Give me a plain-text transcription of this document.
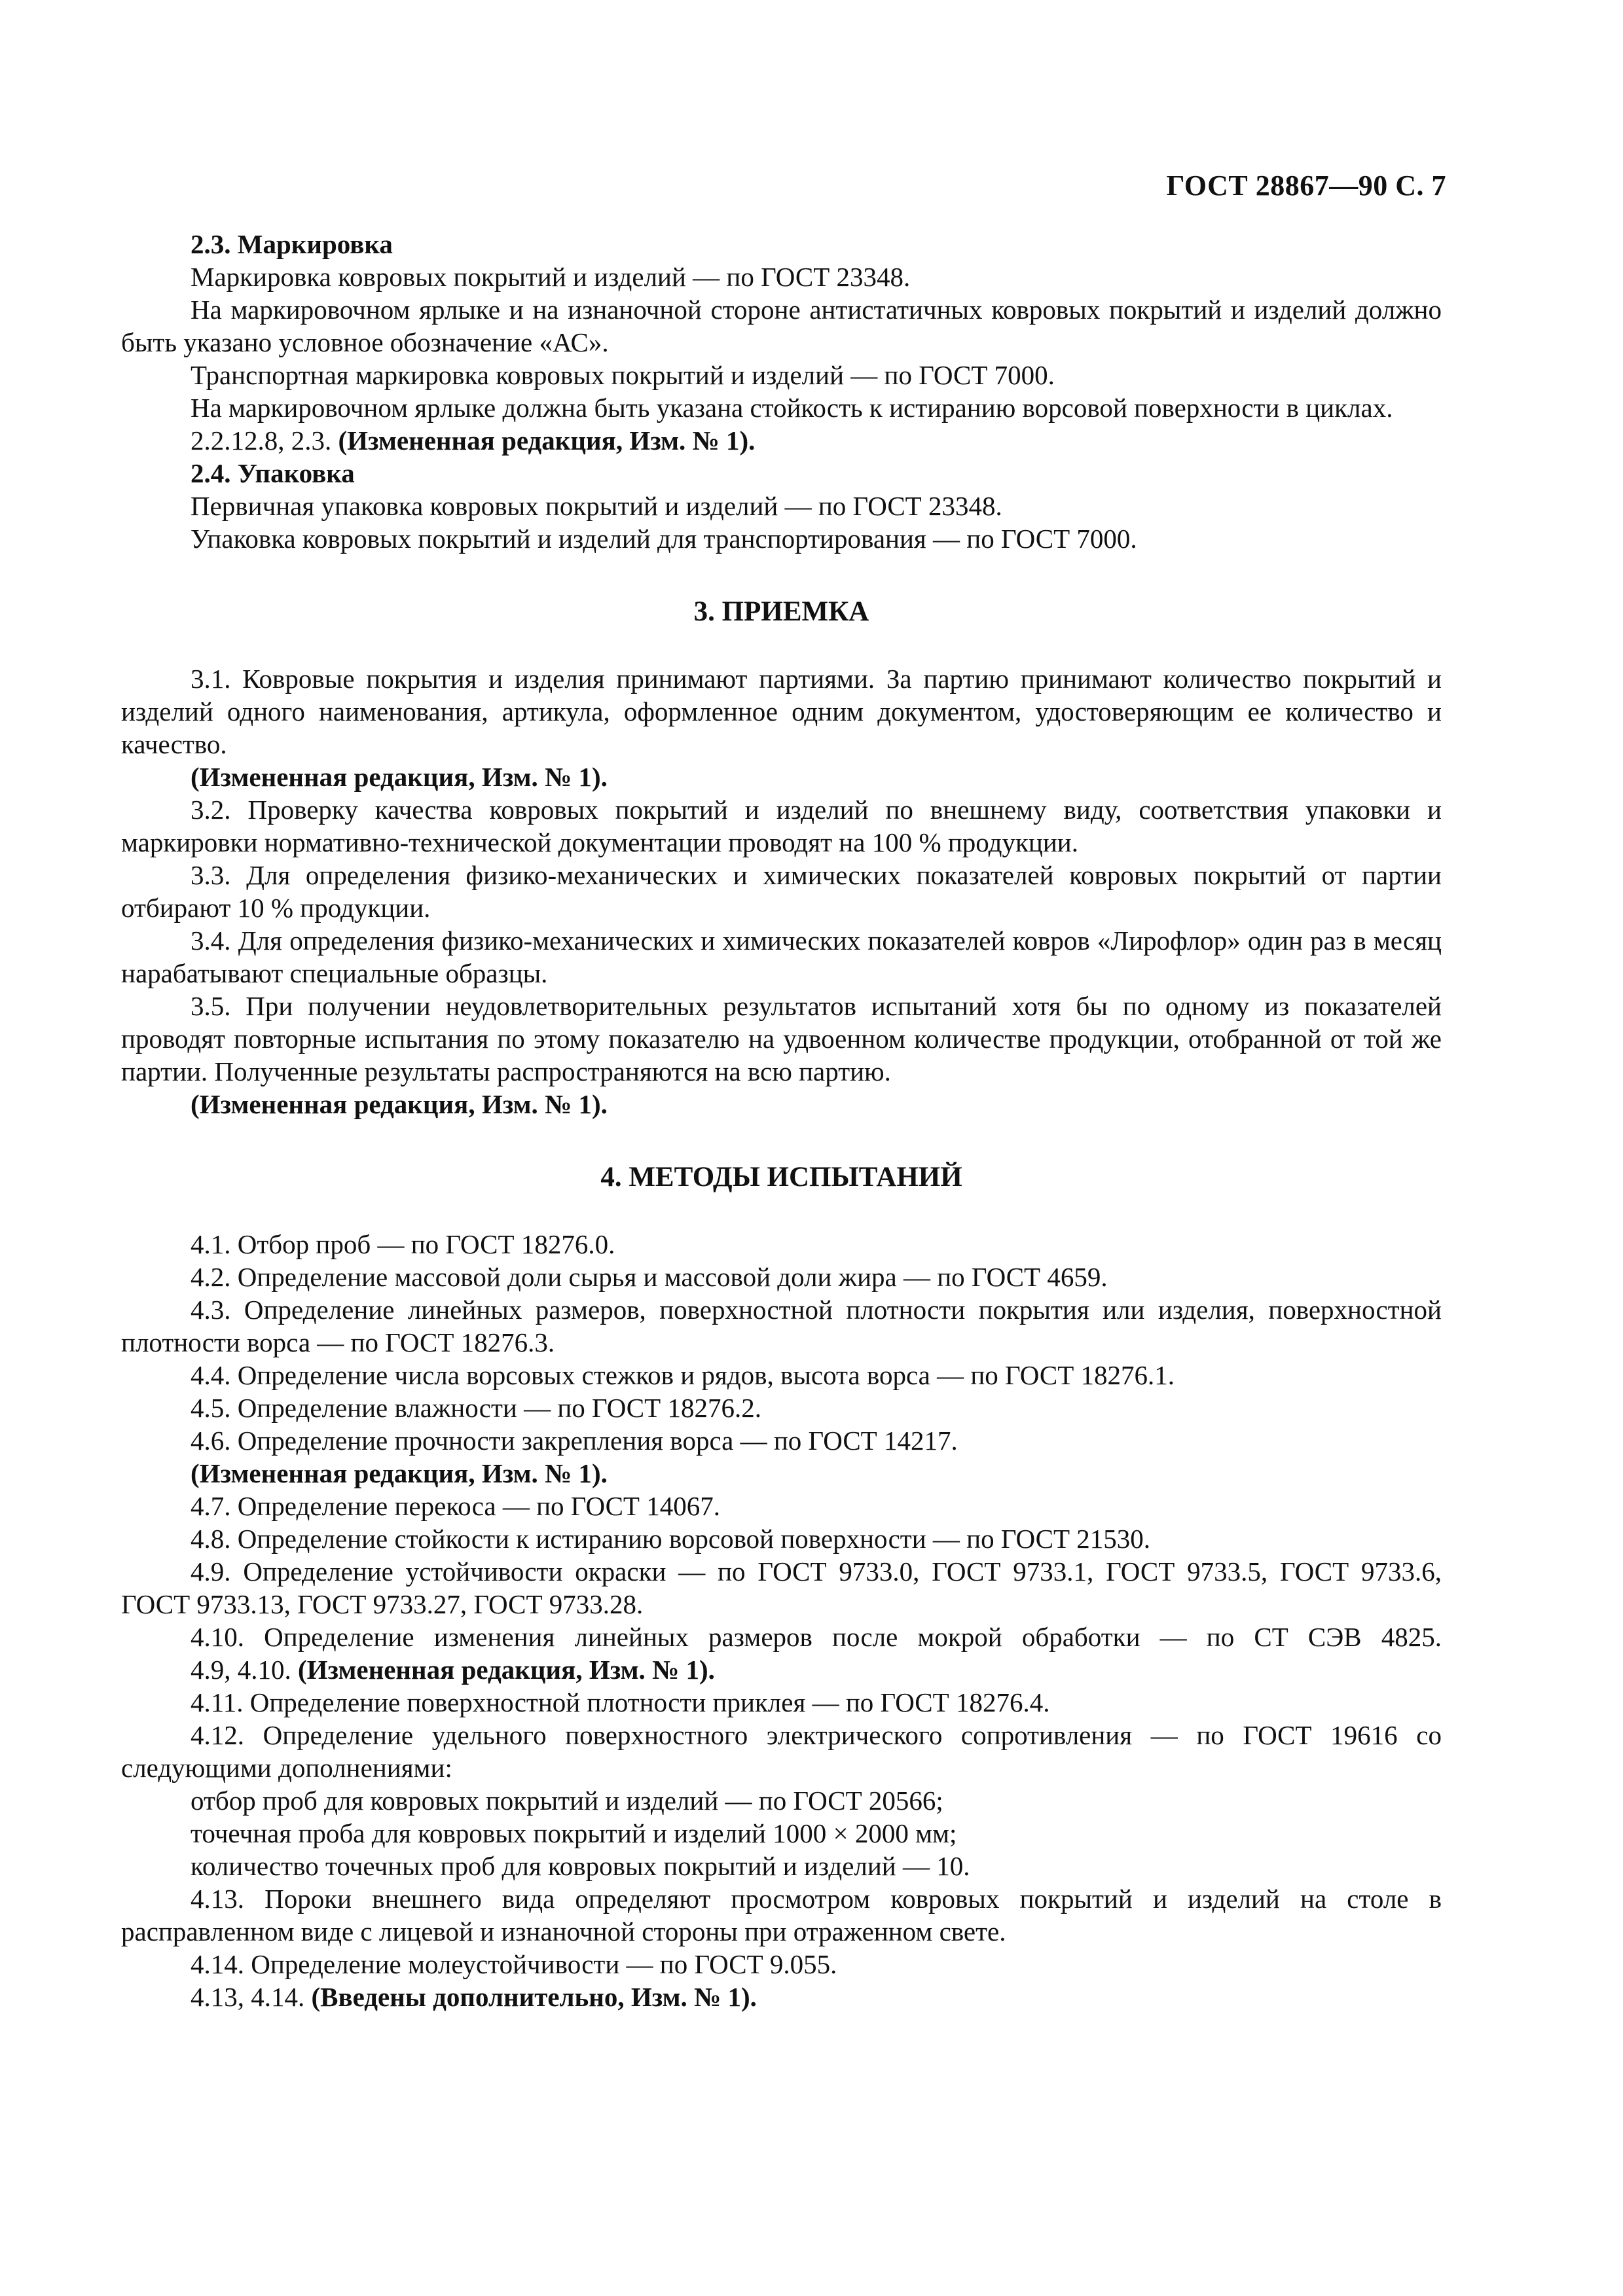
ГОСТ 28867—90 С. 7

2.3. Маркировка

Маркировка ковровых покрытий и изделий — по ГОСТ 23348.

На маркировочном ярлыке и на изнаночной стороне антистатичных ковровых покрытий и изделий должно быть указано условное обозначение «АС».

Транспортная маркировка ковровых покрытий и изделий — по ГОСТ 7000.

На маркировочном ярлыке должна быть указана стойкость к истиранию ворсовой поверхности в циклах.

2.2.12.8, 2.3. (Измененная редакция, Изм. № 1).

2.4. Упаковка

Первичная упаковка ковровых покрытий и изделий — по ГОСТ 23348.

Упаковка ковровых покрытий и изделий для транспортирования — по ГОСТ 7000.

3. ПРИЕМКА

3.1. Ковровые покрытия и изделия принимают партиями. За партию принимают количество покрытий и изделий одного наименования, артикула, оформленное одним документом, удостоверяющим ее количество и качество.

(Измененная редакция, Изм. № 1).

3.2. Проверку качества ковровых покрытий и изделий по внешнему виду, соответствия упаковки и маркировки нормативно-технической документации проводят на 100 % продукции.

3.3. Для определения физико-механических и химических показателей ковровых покрытий от партии отбирают 10 % продукции.

3.4. Для определения физико-механических и химических показателей ковров «Лирофлор» один раз в месяц нарабатывают специальные образцы.

3.5. При получении неудовлетворительных результатов испытаний хотя бы по одному из показателей проводят повторные испытания по этому показателю на удвоенном количестве продукции, отобранной от той же партии. Полученные результаты распространяются на всю партию.

(Измененная редакция, Изм. № 1).

4. МЕТОДЫ ИСПЫТАНИЙ

4.1. Отбор проб — по ГОСТ 18276.0.

4.2. Определение массовой доли сырья и массовой доли жира — по ГОСТ 4659.

4.3. Определение линейных размеров, поверхностной плотности покрытия или изделия, поверхностной плотности ворса — по ГОСТ 18276.3.

4.4. Определение числа ворсовых стежков и рядов, высота ворса — по ГОСТ 18276.1.

4.5. Определение влажности — по ГОСТ 18276.2.

4.6. Определение прочности закрепления ворса — по ГОСТ 14217.

(Измененная редакция, Изм. № 1).

4.7. Определение перекоса — по ГОСТ 14067.

4.8. Определение стойкости к истиранию ворсовой поверхности — по ГОСТ 21530.

4.9. Определение устойчивости окраски — по ГОСТ 9733.0, ГОСТ 9733.1, ГОСТ 9733.5, ГОСТ 9733.6, ГОСТ 9733.13, ГОСТ 9733.27, ГОСТ 9733.28.

4.10. Определение изменения линейных размеров после мокрой обработки — по СТ СЭВ 4825.

4.9, 4.10. (Измененная редакция, Изм. № 1).

4.11. Определение поверхностной плотности приклея — по ГОСТ 18276.4.

4.12. Определение удельного поверхностного электрического сопротивления — по ГОСТ 19616 со следующими дополнениями:

отбор проб для ковровых покрытий и изделий — по ГОСТ 20566;

точечная проба для ковровых покрытий и изделий 1000 × 2000 мм;

количество точечных проб для ковровых покрытий и изделий — 10.

4.13. Пороки внешнего вида определяют просмотром ковровых покрытий и изделий на столе в расправленном виде с лицевой и изнаночной стороны при отраженном свете.

4.14. Определение молеустойчивости — по ГОСТ 9.055.

4.13, 4.14. (Введены дополнительно, Изм. № 1).
